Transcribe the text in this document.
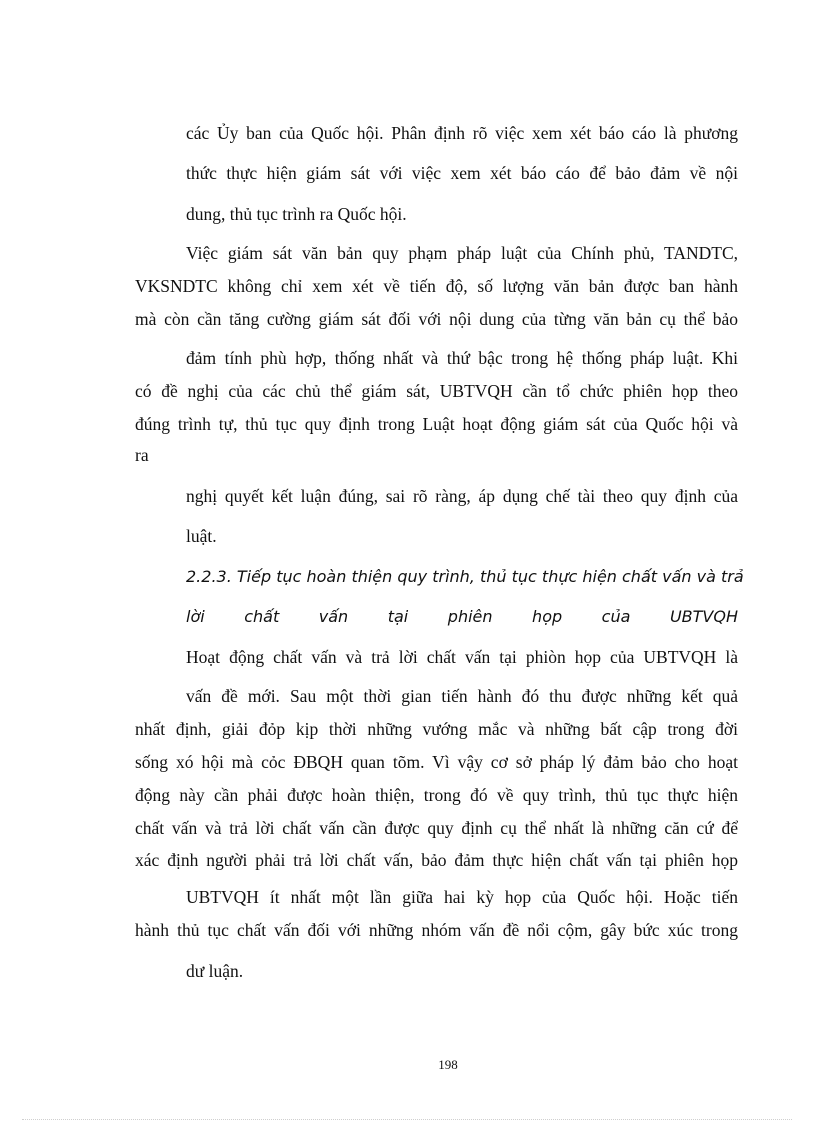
các Ủy ban của Quốc hội. Phân định rõ việc xem xét báo cáo là phương

thức thực hiện giám sát với việc xem xét báo cáo để bảo đảm về nội

dung, thủ tục trình ra Quốc hội.

Việc giám sát văn bản quy phạm pháp luật của Chính phủ, TANDTC,

VKSNDTC không chỉ xem xét về tiến độ, số lượng văn bản được ban hành

mà còn cần tăng cường giám sát đối với nội dung của từng văn bản cụ thể bảo

đảm tính phù hợp, thống nhất và thứ bậc trong hệ thống pháp luật. Khi

có đề nghị của các chủ thể giám sát, UBTVQH cần tổ chức phiên họp theo

đúng trình tự, thủ tục quy định trong Luật hoạt động giám sát của Quốc hội và

ra

nghị quyết kết luận đúng, sai rõ ràng, áp dụng chế tài theo quy định của

luật.

2.2.3. Tiếp tục hoàn thiện quy trình, thủ tục thực hiện chất vấn và trả

lời chất vấn tại phiên họp của UBTVQH

Hoạt động chất vấn và trả lời chất vấn tại phiòn họp của UBTVQH là

vấn đề mới. Sau một thời gian tiến hành đó thu được những kết quả

nhất định, giải đỏp kịp thời những vướng mắc và những bất cập trong đời

sống xó hội mà cỏc ĐBQH quan tõm. Vì vậy cơ sở pháp lý đảm bảo cho hoạt

động này cần phải được hoàn thiện, trong đó về quy trình, thủ tục thực hiện

chất vấn và trả lời chất vấn cần được quy định cụ thể nhất là những căn cứ để

xác định người phải trả lời chất vấn, bảo đảm thực hiện chất vấn tại phiên họp

UBTVQH ít nhất một lần giữa hai kỳ họp của Quốc hội. Hoặc tiến

hành thủ tục chất vấn đối với những nhóm vấn đề nổi cộm, gây bức xúc trong

dư luận.

198
